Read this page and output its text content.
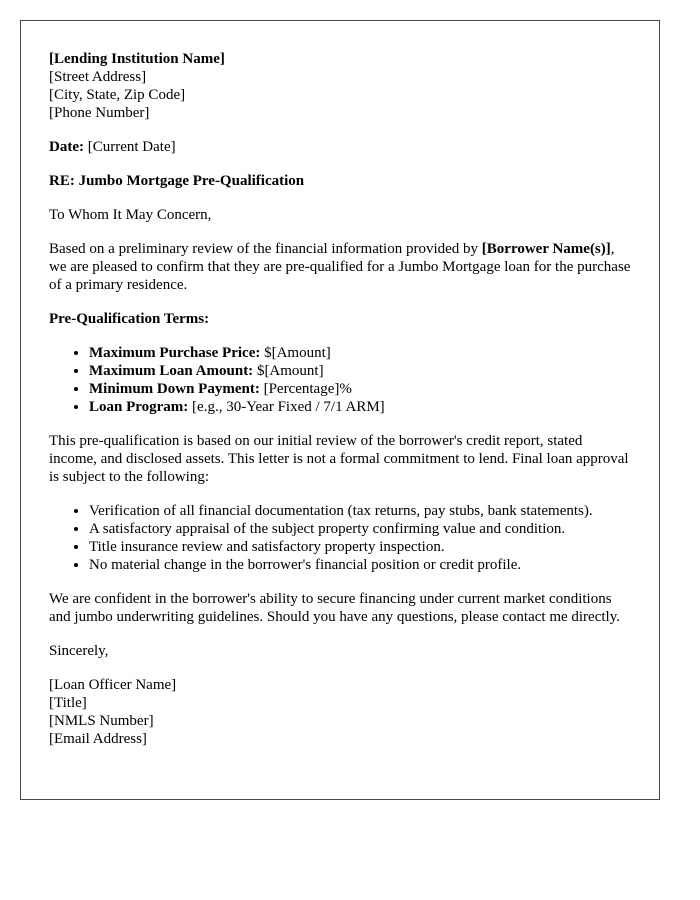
[Lending Institution Name]
[Street Address]
[City, State, Zip Code]
[Phone Number]

Date: [Current Date]

RE: Jumbo Mortgage Pre-Qualification

To Whom It May Concern,

Based on a preliminary review of the financial information provided by [Borrower Name(s)], we are pleased to confirm that they are pre-qualified for a Jumbo Mortgage loan for the purchase of a primary residence.

Pre-Qualification Terms:

• Maximum Purchase Price: $[Amount]
• Maximum Loan Amount: $[Amount]
• Minimum Down Payment: [Percentage]%
• Loan Program: [e.g., 30-Year Fixed / 7/1 ARM]

This pre-qualification is based on our initial review of the borrower's credit report, stated income, and disclosed assets. This letter is not a formal commitment to lend. Final loan approval is subject to the following:

• Verification of all financial documentation (tax returns, pay stubs, bank statements).
• A satisfactory appraisal of the subject property confirming value and condition.
• Title insurance review and satisfactory property inspection.
• No material change in the borrower's financial position or credit profile.

We are confident in the borrower's ability to secure financing under current market conditions and jumbo underwriting guidelines. Should you have any questions, please contact me directly.

Sincerely,

[Loan Officer Name]
[Title]
[NMLS Number]
[Email Address]
